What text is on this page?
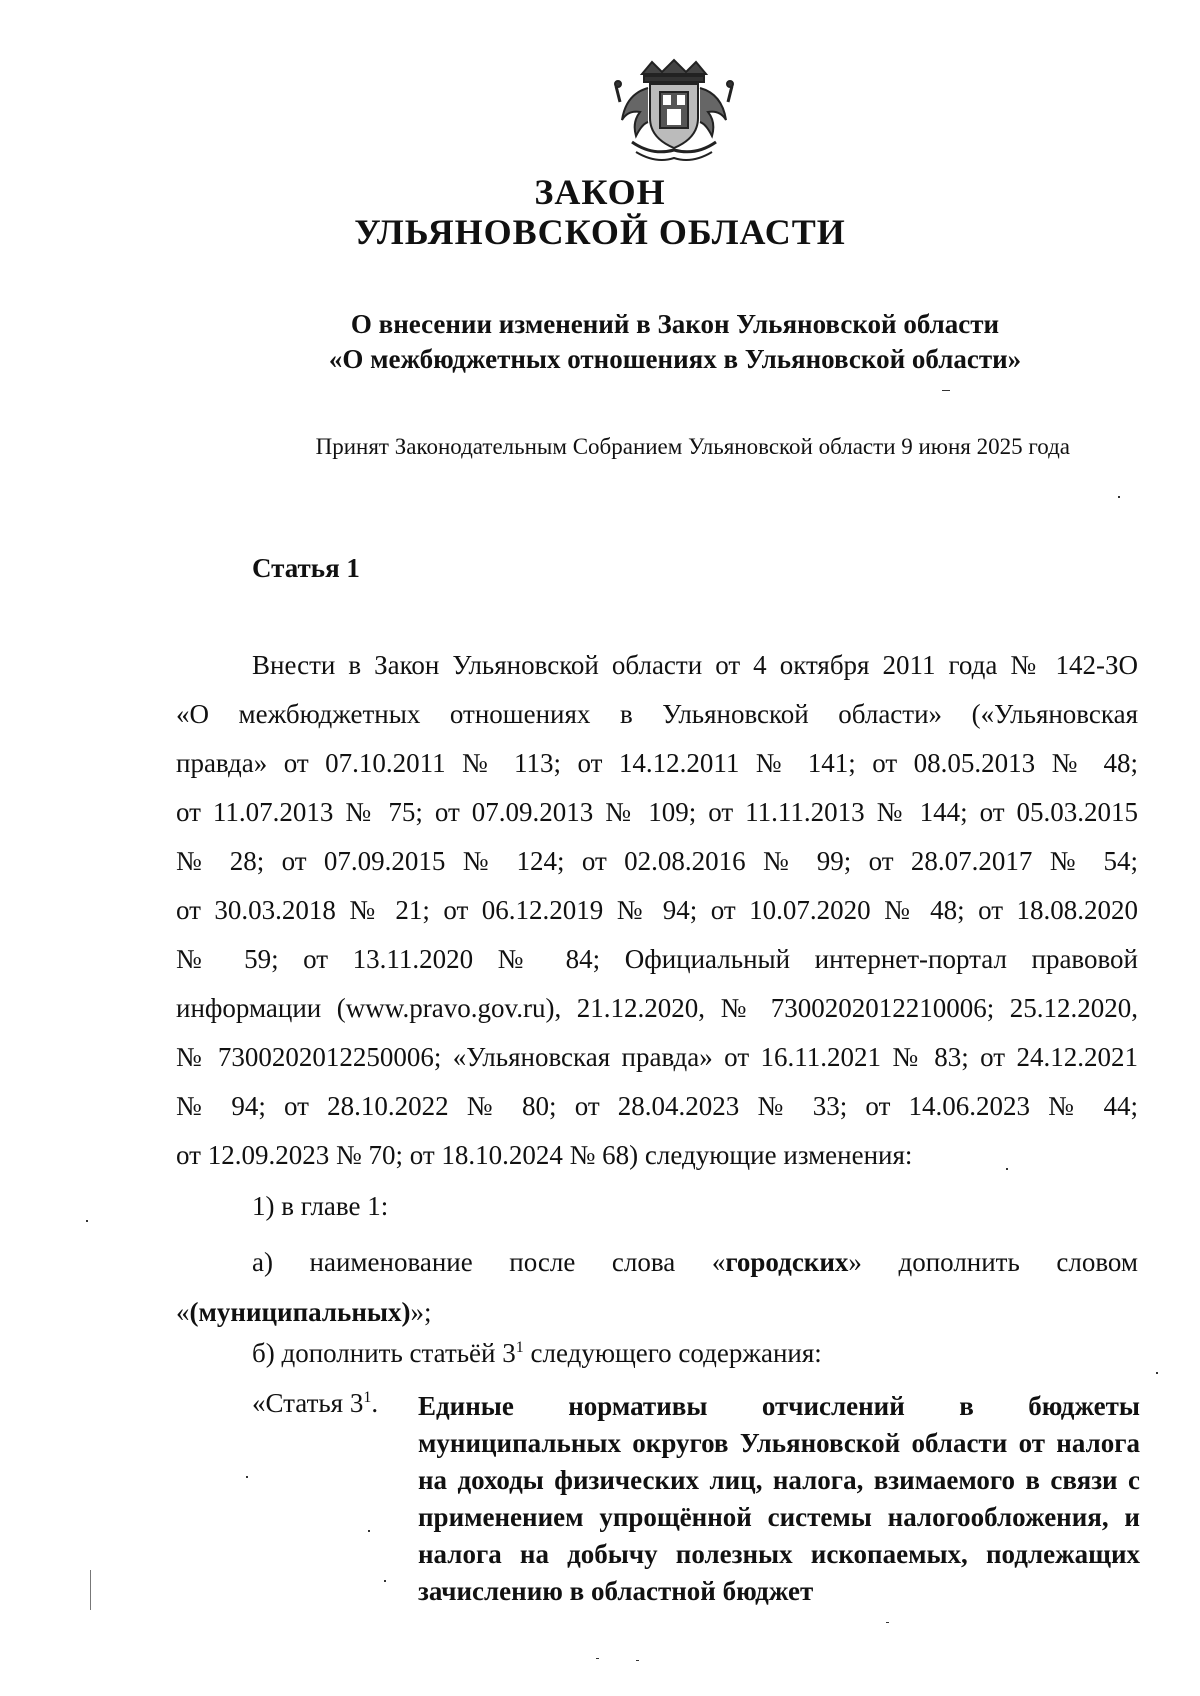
ЗАКОН
УЛЬЯНОВСКОЙ ОБЛАСТИ
О внесении изменений в Закон Ульяновской области
«О межбюджетных отношениях в Ульяновской области»
Принят Законодательным Собранием Ульяновской области 9 июня 2025 года
Статья 1
Внести в Закон Ульяновской области от 4 октября 2011 года № 142-ЗО
«О межбюджетных отношениях в Ульяновской области» («Ульяновская
правда» от 07.10.2011 № 113; от 14.12.2011 № 141; от 08.05.2013 № 48;
от 11.07.2013 № 75; от 07.09.2013 № 109; от 11.11.2013 № 144; от 05.03.2015
№ 28; от 07.09.2015 № 124; от 02.08.2016 № 99; от 28.07.2017 № 54;
от 30.03.2018 № 21; от 06.12.2019 № 94; от 10.07.2020 № 48; от 18.08.2020
№ 59; от 13.11.2020 № 84; Официальный интернет-портал правовой
информации (www.pravo.gov.ru), 21.12.2020, № 7300202012210006; 25.12.2020,
№ 7300202012250006; «Ульяновская правда» от 16.11.2021 № 83; от 24.12.2021
№ 94; от 28.10.2022 № 80; от 28.04.2023 № 33; от 14.06.2023 № 44;
от 12.09.2023 № 70; от 18.10.2024 № 68) следующие изменения:
1) в главе 1:
а) наименование после слова «городских» дополнить словом
«(муниципальных)»;
б) дополнить статьёй $3^1$ следующего содержания:
«Статья $3^1$. Единые нормативы отчислений в бюджеты муниципальных округов Ульяновской области от налога на доходы физических лиц, налога, взимаемого в связи с применением упрощённой системы налогообложения, и налога на добычу полезных ископаемых, подлежащих зачислению в областной бюджет
